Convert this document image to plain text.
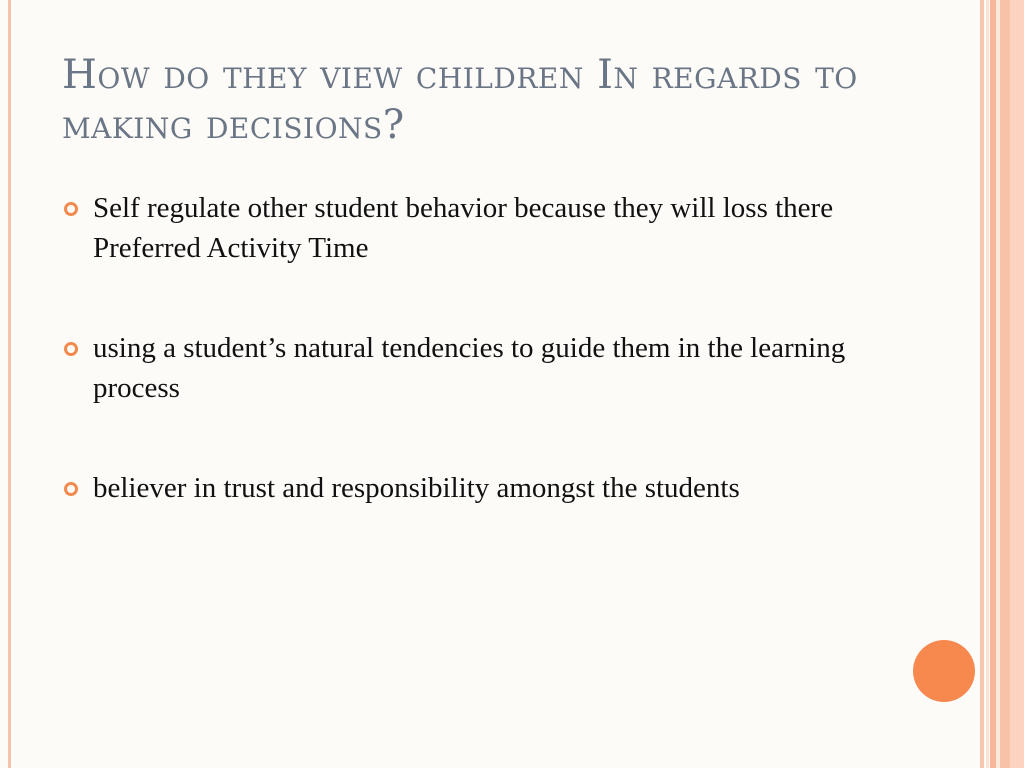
How do they view children In regards to making decisions?
Self regulate other student behavior because they will loss there Preferred Activity Time
using a student’s natural tendencies to guide them in the learning process
believer in trust and responsibility amongst the students
